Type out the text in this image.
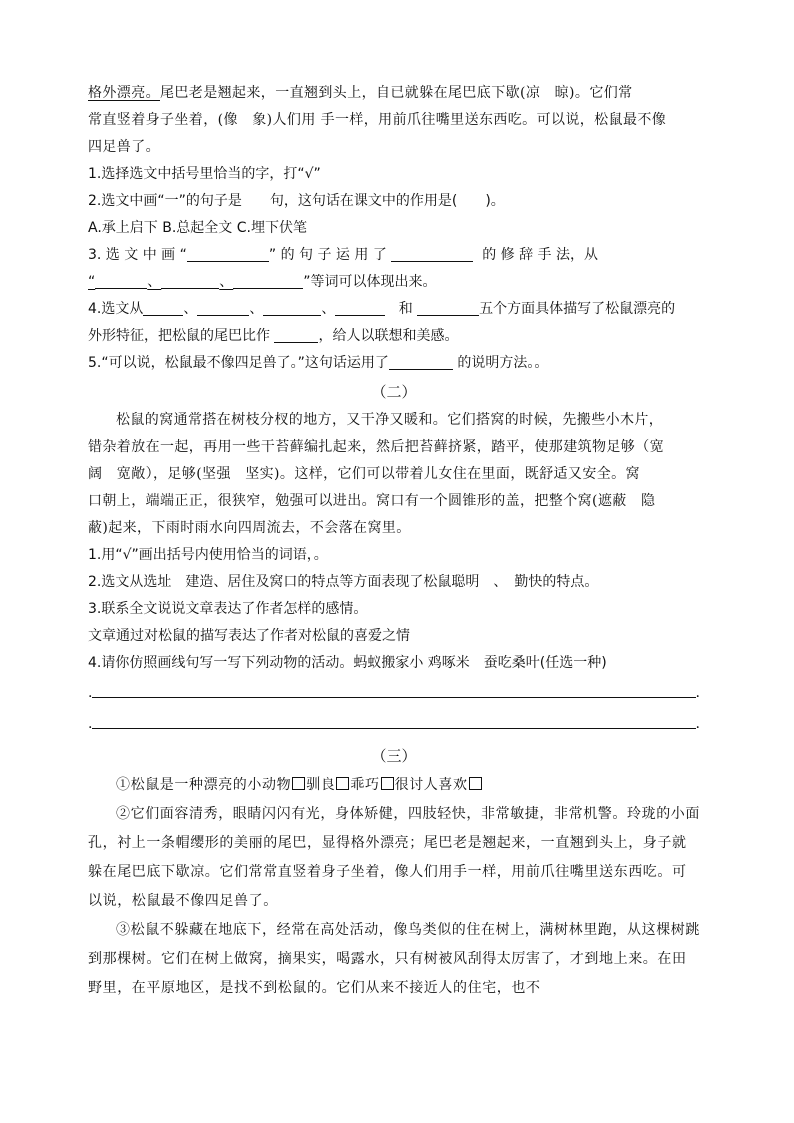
格外漂亮。尾巴老是翘起来，一直翘到头上，自已就躲在尾巴底下歇(凉　晾)。它们常
常直竖着身子坐着，(像　象)人们用 手一样，用前爪往嘴里送东西吃。可以说，松鼠最不像
四足兽了。
1.选择选文中括号里恰当的字，打“√”
2.选文中画“一”的句子是　　句，这句话在课文中的作用是(　　)。
A.承上启下 B.总起全文 C.埋下伏笔
3. 选 文 中 画 “	” 的 句 子 运 用 了	的 修 辞 手 法，从
“	、	、	”等词可以体现出来。
4.选文从	、	、	、	和	五个方面具体描写了松鼠漂亮的
外形特征，把松鼠的尾巴比作	，给人以联想和美感。
5.“可以说，松鼠最不像四足兽了。”这句话运用了	的说明方法。。
（二）
松鼠的窝通常搭在树枝分杈的地方，又干净又暖和。它们搭窝的时候，先搬些小木片，
错杂着放在一起，再用一些干苔藓编扎起来，然后把苔藓挤紧，踏平，使那建筑物足够（宽
阔　宽敞），足够(坚强　坚实)。这样，它们可以带着儿女住在里面，既舒适又安全。窝
口朝上，端端正正，很狭窄，勉强可以进出。窝口有一个圆锥形的盖，把整个窝(遮蔽　隐
蔽)起来，下雨时雨水向四周流去，不会落在窝里。
1.用“√”画出括号内使用恰当的词语，。
2.选文从选址　建造、居住及窝口的特点等方面表现了松鼠聪明　、　勤快的特点。
3.联系全文说说文章表达了作者怎样的感情。
文章通过对松鼠的描写表达了作者对松鼠的喜爱之情
4.请你仿照画线句写一写下列动物的活动。蚂蚁搬家小 鸡啄米　蚕吃桑叶(任选一种)
.	.
.	.
（三）
①松鼠是一种漂亮的小动物 驯良 乖巧 很讨人喜欢
②它们面容清秀，眼睛闪闪有光，身体矫健，四肢轻快，非常敏捷，非常机警。玲珑的小面孔，衬上一条帽缨形的美丽的尾巴，显得格外漂亮；尾巴老是翘起来，一直翘到头上，身子就躲在尾巴底下歇凉。它们常常直竖着身子坐着，像人们用手一样，用前爪往嘴里送东西吃。可以说，松鼠最不像四足兽了。
③松鼠不躲藏在地底下，经常在高处活动，像鸟类似的住在树上，满树林里跑，从这棵树跳到那棵树。它们在树上做窝，摘果实，喝露水，只有树被风刮得太厉害了，才到地上来。在田野里，在平原地区，是找不到松鼠的。它们从来不接近人的住宅，也不
